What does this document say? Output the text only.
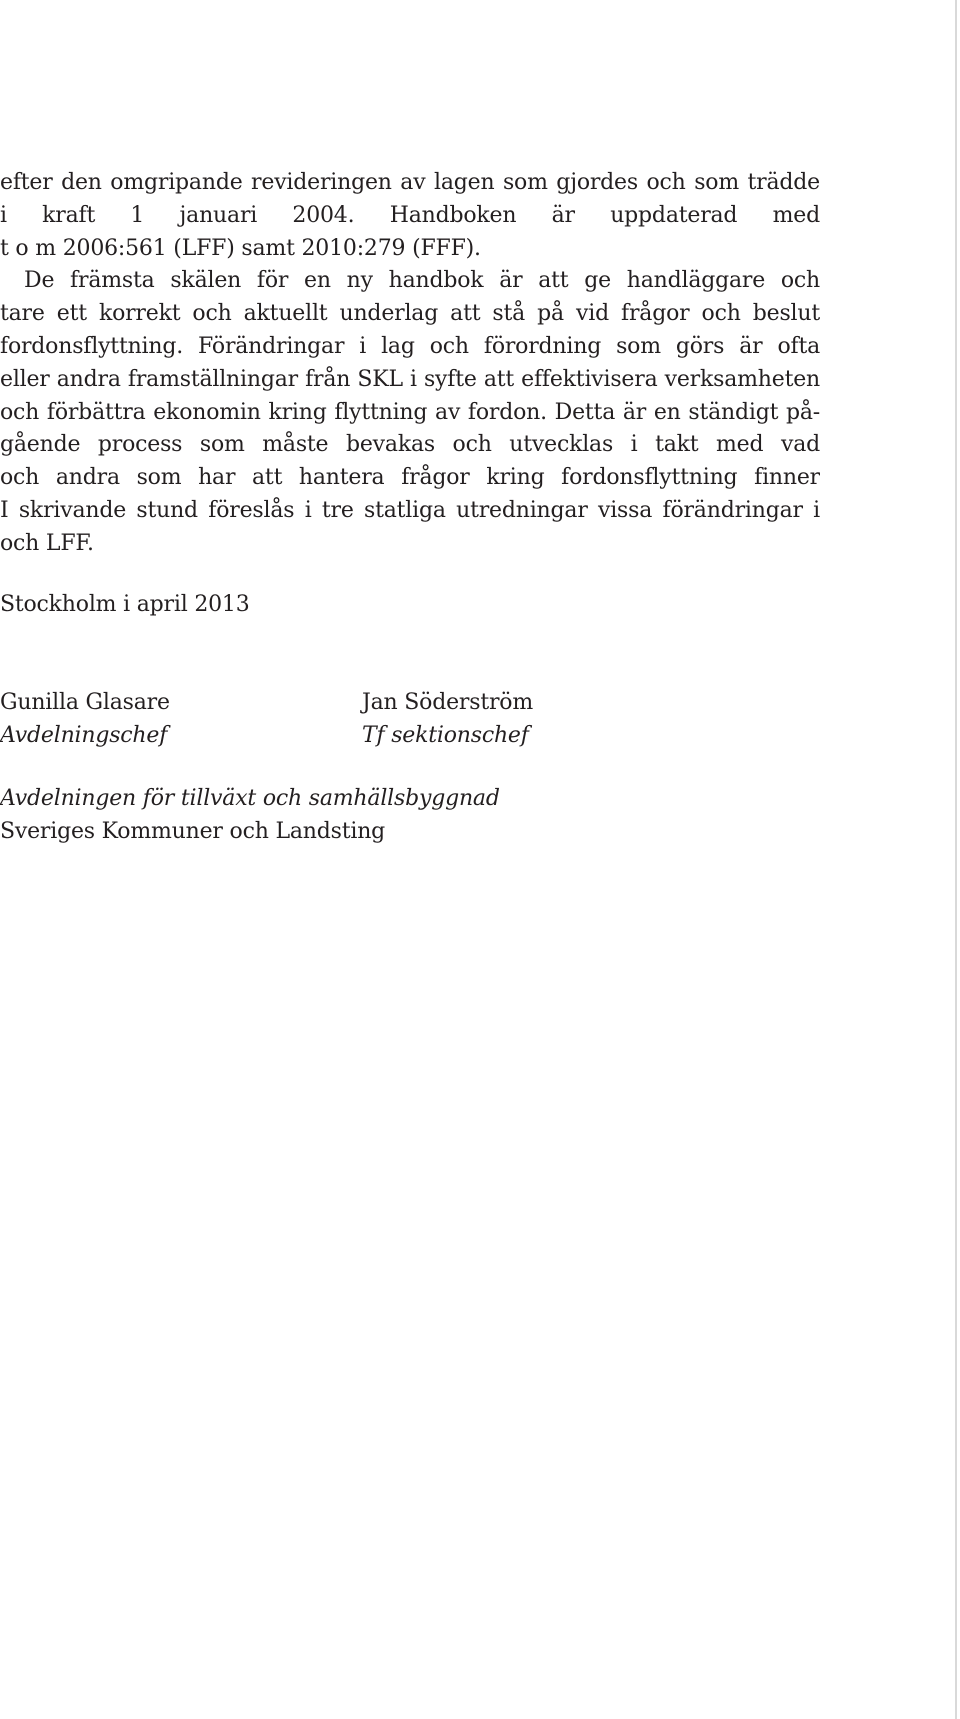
efter den omgripande revideringen av lagen som gjordes och som trädde
i kraft 1 januari 2004. Handboken är uppdaterad med
t o m 2006:561 (LFF) samt 2010:279 (FFF).
De främsta skälen för en ny handbok är att ge handläggare och
tare ett korrekt och aktuellt underlag att stå på vid frågor och beslut
fordonsflyttning. Förändringar i lag och förordning som görs är ofta
eller andra framställningar från SKL i syfte att effektivisera verksamheten
och förbättra ekonomin kring flyttning av fordon. Detta är en ständigt på-
gående process som måste bevakas och utvecklas i takt med vad
och andra som har att hantera frågor kring fordonsflyttning finner
I skrivande stund föreslås i tre statliga utredningar vissa förändringar i
och LFF.
Stockholm i april 2013
Gunilla Glasare
Avdelningschef
Jan Söderström
Tf sektionschef
Avdelningen för tillväxt och samhällsbyggnad
Sveriges Kommuner och Landsting
